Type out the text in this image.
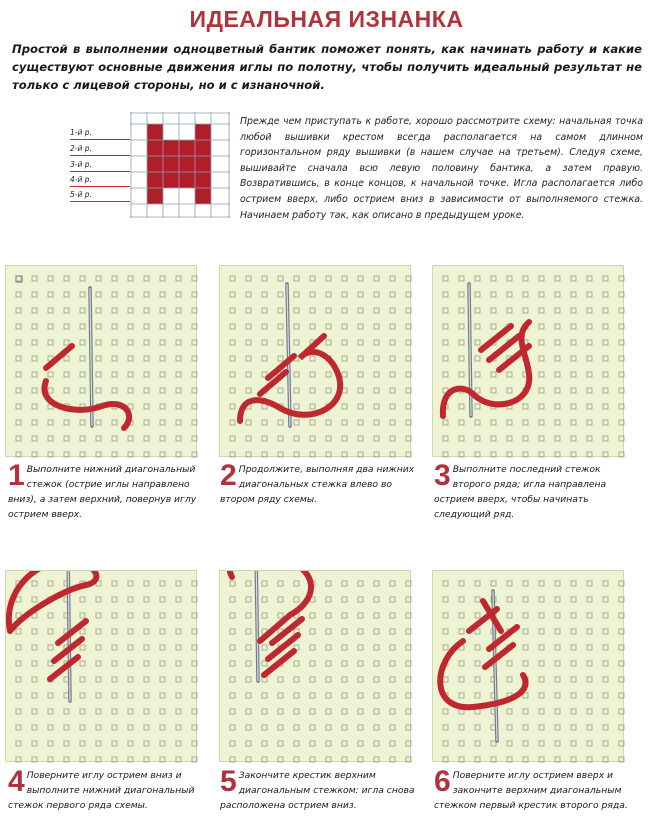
ИДЕАЛЬНАЯ ИЗНАНКА
Простой в выполнении одноцветный бантик поможет понять, как начинать работу и какие существуют основные движения иглы по полотну, чтобы получить идеальный результат не только с лицевой стороны, но и с изнаночной.
1-й р.
2-й р.
3-й р.
4-й р.
5-й р.
Прежде чем приступать к работе, хорошо рассмотрите схему: начальная точка любой вышивки крестом всегда располагается на самом длинном горизонтальном ряду вышивки (в нашем случае на третьем). Следуя схеме, вышивайте сначала всю левую половину бантика, а затем правую. Возвратившись, в конце концов, к начальной точке. Игла располагается либо острием вверх, либо острием вниз в зависимости от выполняемого стежка. Начинаем работу так, как описано в предыдущем уроке.
1 Выполните нижний диагональный стежок (острие иглы направлено вниз), а затем верхний, повернув иглу острием вверх.
2 Продолжите, выполняя два нижних диагональных стежка влево во втором ряду схемы.
3 Выполните последний стежок второго ряда; игла направлена острием вверх, чтобы начинать следующий ряд.
4 Поверните иглу острием вниз и выполните нижний диагональный стежок первого ряда схемы.
5 Закончите крестик верхним диагональным стежком: игла снова расположена острием вниз.
6 Поверните иглу острием вверх и закончите верхним диагональным стежком первый крестик второго ряда.
